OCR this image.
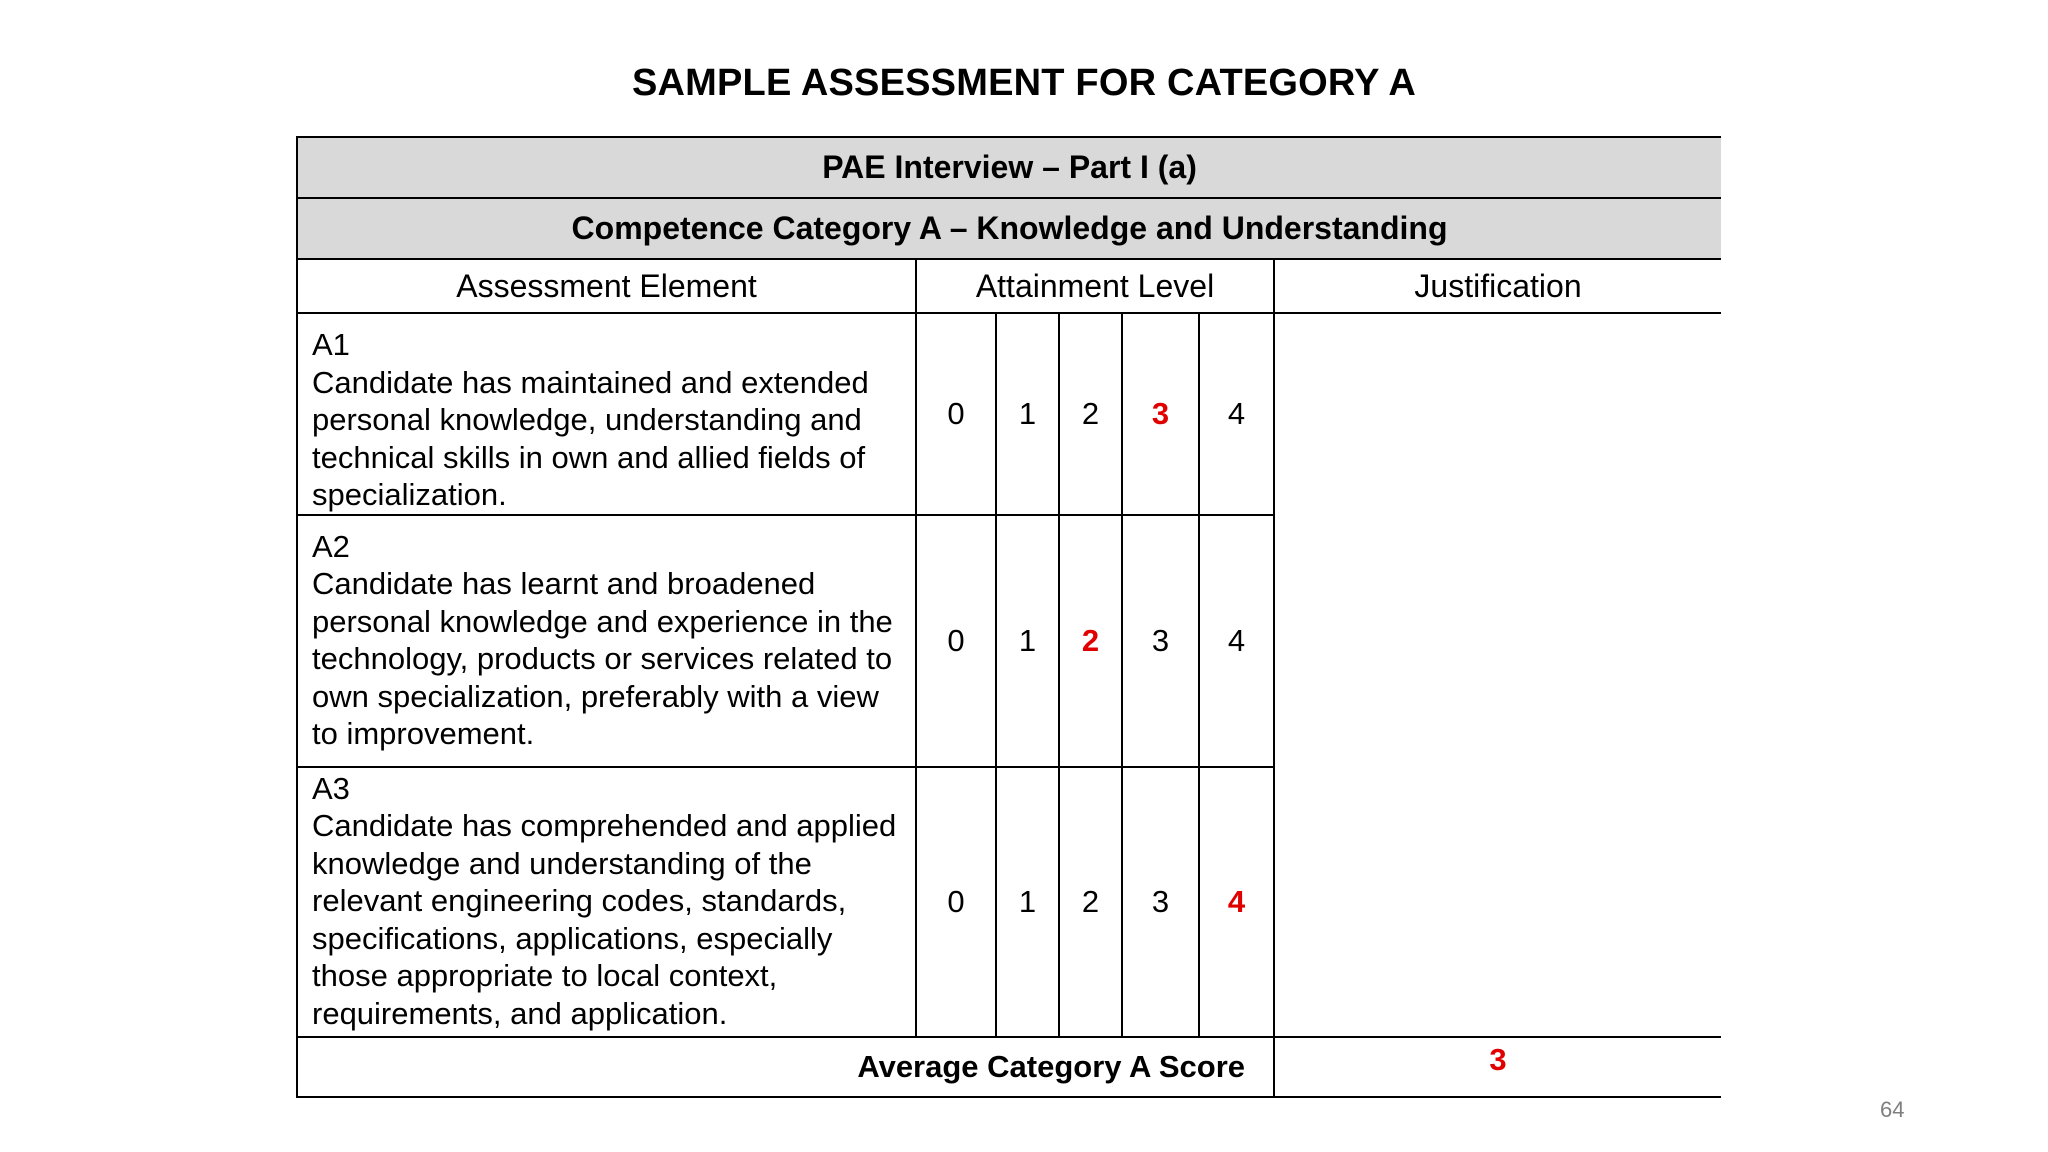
SAMPLE ASSESSMENT FOR CATEGORY A
PAE Interview – Part I (a)						
Competence Category A – Knowledge and Understanding						
Assessment Element	Attainment Level					Justification

A1
Candidate has maintained and extended personal knowledge, understanding and technical skills in own and allied fields of specialization.	0	1	2	3	4	

A2
Candidate has learnt and broadened personal knowledge and experience in the technology, products or services related to own specialization, preferably with a view to improvement.	0	1	2	3	4	

A3
Candidate has comprehended and applied knowledge and understanding of the relevant engineering codes, standards, specifications, applications, especially those appropriate to local context, requirements, and application.	0	1	2	3	4	
Average Category A Score						3
64
